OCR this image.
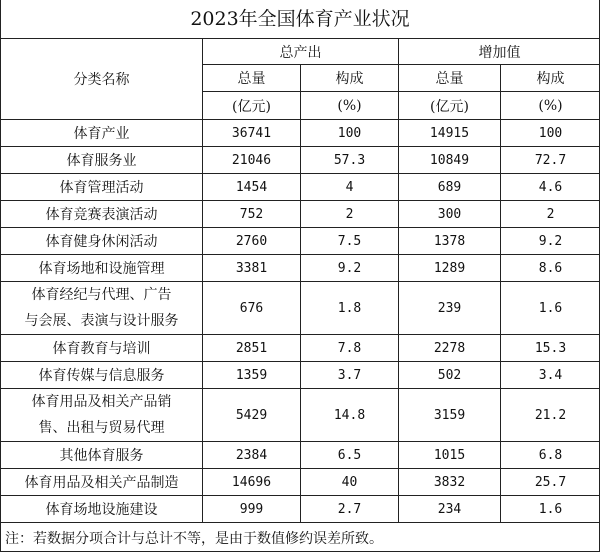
2023年全国体育产业状况
分类名称	总产出		增加值	
	总量	构成	总量	构成
	(亿元)	(%)	(亿元)	(%)
体育产业	36741	100	14915	100
体育服务业	21046	57.3	10849	72.7
体育管理活动	1454	4	689	4.6
体育竞赛表演活动	752	2	300	2
体育健身休闲活动	2760	7.5	1378	9.2
体育场地和设施管理	3381	9.2	1289	8.6
体育经纪与代理、广告
与会展、表演与设计服务	676	1.8	239	1.6
体育教育与培训	2851	7.8	2278	15.3
体育传媒与信息服务	1359	3.7	502	3.4
体育用品及相关产品销
售、出租与贸易代理	5429	14.8	3159	21.2
其他体育服务	2384	6.5	1015	6.8
体育用品及相关产品制造	14696	40	3832	25.7
体育场地设施建设	999	2.7	234	1.6
注：若数据分项合计与总计不等，是由于数值修约误差所致。
